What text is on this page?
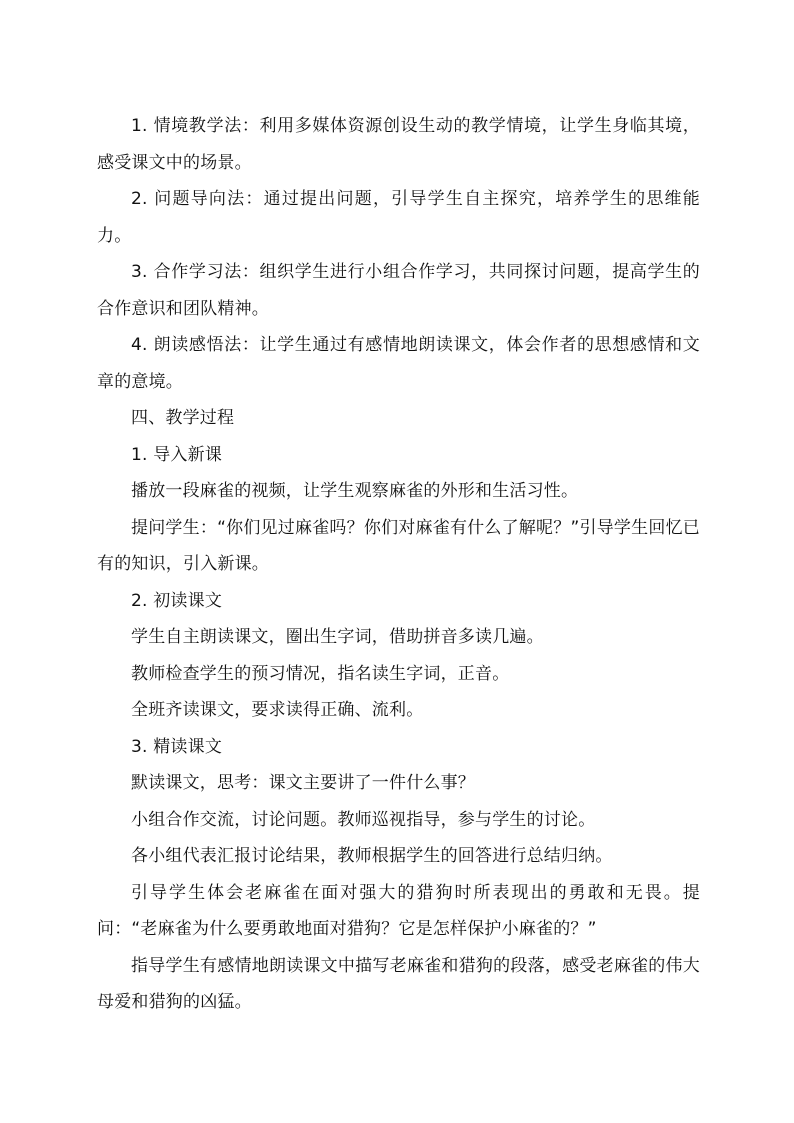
1. 情境教学法：利用多媒体资源创设生动的教学情境，让学生身临其境，感受课文中的场景。

2. 问题导向法：通过提出问题，引导学生自主探究，培养学生的思维能力。

3. 合作学习法：组织学生进行小组合作学习，共同探讨问题，提高学生的合作意识和团队精神。

4. 朗读感悟法：让学生通过有感情地朗读课文，体会作者的思想感情和文章的意境。

四、教学过程

1. 导入新课

播放一段麻雀的视频，让学生观察麻雀的外形和生活习性。

提问学生：“你们见过麻雀吗？你们对麻雀有什么了解呢？”引导学生回忆已有的知识，引入新课。

2. 初读课文

学生自主朗读课文，圈出生字词，借助拼音多读几遍。

教师检查学生的预习情况，指名读生字词，正音。

全班齐读课文，要求读得正确、流利。

3. 精读课文

默读课文，思考：课文主要讲了一件什么事？

小组合作交流，讨论问题。教师巡视指导，参与学生的讨论。

各小组代表汇报讨论结果，教师根据学生的回答进行总结归纳。

引导学生体会老麻雀在面对强大的猎狗时所表现出的勇敢和无畏。提问：“老麻雀为什么要勇敢地面对猎狗？它是怎样保护小麻雀的？”

指导学生有感情地朗读课文中描写老麻雀和猎狗的段落，感受老麻雀的伟大母爱和猎狗的凶猛。
